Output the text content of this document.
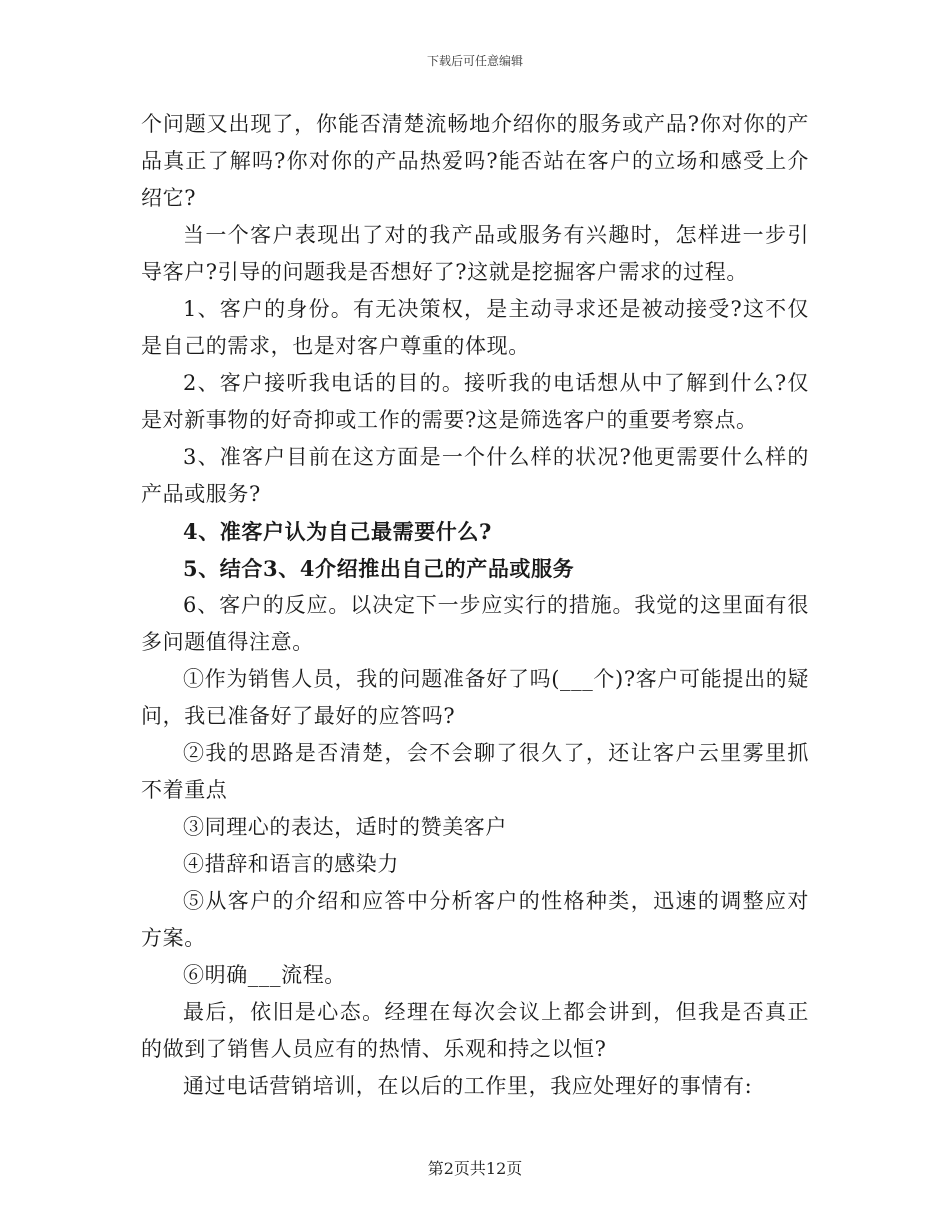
下载后可任意编辑

个问题又出现了，你能否清楚流畅地介绍你的服务或产品?你对你的产品真正了解吗?你对你的产品热爱吗?能否站在客户的立场和感受上介绍它?

当一个客户表现出了对的我产品或服务有兴趣时，怎样进一步引导客户?引导的问题我是否想好了?这就是挖掘客户需求的过程。

1、客户的身份。有无决策权，是主动寻求还是被动接受?这不仅是自己的需求，也是对客户尊重的体现。

2、客户接听我电话的目的。接听我的电话想从中了解到什么?仅是对新事物的好奇抑或工作的需要?这是筛选客户的重要考察点。

3、准客户目前在这方面是一个什么样的状况?他更需要什么样的产品或服务?

4、准客户认为自己最需要什么?

5、结合3、4介绍推出自己的产品或服务

6、客户的反应。以决定下一步应实行的措施。我觉的这里面有很多问题值得注意。

①作为销售人员，我的问题准备好了吗(___个)?客户可能提出的疑问，我已准备好了最好的应答吗?

②我的思路是否清楚，会不会聊了很久了，还让客户云里雾里抓不着重点

③同理心的表达，适时的赞美客户

④措辞和语言的感染力

⑤从客户的介绍和应答中分析客户的性格种类，迅速的调整应对方案。

⑥明确___流程。

最后，依旧是心态。经理在每次会议上都会讲到，但我是否真正的做到了销售人员应有的热情、乐观和持之以恒?

通过电话营销培训，在以后的工作里，我应处理好的事情有:

第2页共12页
